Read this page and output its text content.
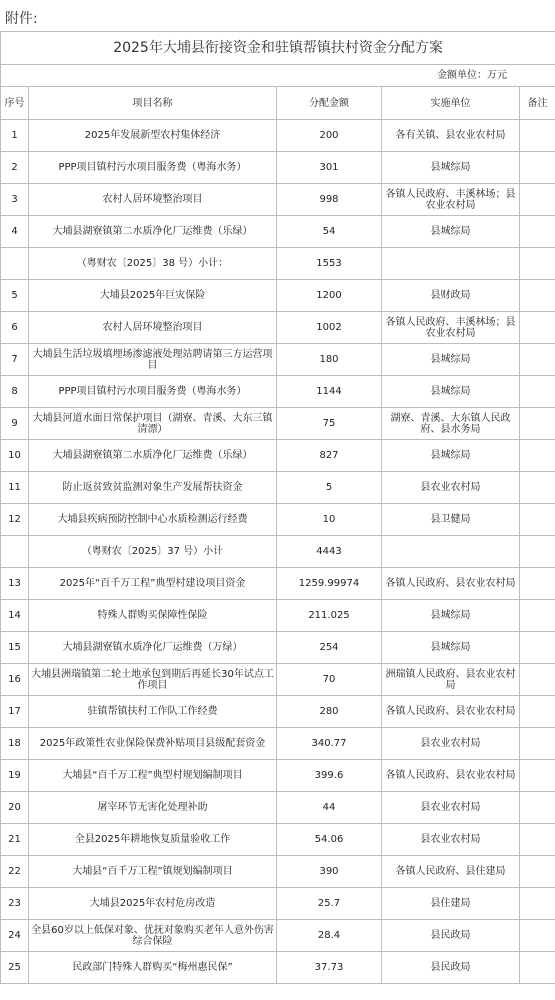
附件:
2025年大埔县衔接资金和驻镇帮镇扶村资金分配方案				
金额单位：万元				
序号	项目名称	分配金额	实施单位	备注
1	2025年发展新型农村集体经济	200	各有关镇、县农业农村局	
2	PPP项目镇村污水项目服务费（粤海水务）	301	县城综局	
3	农村人居环境整治项目	998	各镇人民政府、丰溪林场；县农业农村局	
4	大埔县湖寮镇第二水质净化厂运维费（乐绿）	54	县城综局	
	（粤财农〔2025〕38 号）小计：	1553		
5	大埔县2025年巨灾保险	1200	县财政局	
6	农村人居环境整治项目	1002	各镇人民政府、丰溪林场；县农业农村局	
7	大埔县生活垃圾填埋场渗滤液处理站聘请第三方运营项目	180	县城综局	
8	PPP项目镇村污水项目服务费（粤海水务）	1144	县城综局	
9	大埔县河道水面日常保护项目（湖寮、青溪、大东三镇清漂）	75	湖寮、青溪、大东镇人民政府、县水务局	
10	大埔县湖寮镇第二水质净化厂运维费（乐绿）	827	县城综局	
11	防止返贫致贫监测对象生产发展帮扶资金	5	县农业农村局	
12	大埔县疾病预防控制中心水质检测运行经费	10	县卫健局	
	（粤财农〔2025〕37 号）小计	4443		
13	2025年“百千万工程”典型村建设项目资金	1259.99974	各镇人民政府、县农业农村局	
14	特殊人群购买保障性保险	211.025	县城综局	
15	大埔县湖寮镇水质净化厂运维费（万绿）	254	县城综局	
16	大埔县洲瑞镇第二轮土地承包到期后再延长30年试点工作项目	70	洲瑞镇人民政府、县农业农村局	
17	驻镇帮镇扶村工作队工作经费	280	各镇人民政府、县农业农村局	
18	2025年政策性农业保险保费补贴项目县级配套资金	340.77	县农业农村局	
19	大埔县“百千万工程”典型村规划编制项目	399.6	各镇人民政府、县农业农村局	
20	屠宰环节无害化处理补助	44	县农业农村局	
21	全县2025年耕地恢复质量验收工作	54.06	县农业农村局	
22	大埔县“百千万工程”镇规划编制项目	390	各镇人民政府、县住建局	
23	大埔县2025年农村危房改造	25.7	县住建局	
24	全县60岁以上低保对象、优抚对象购买老年人意外伤害综合保险	28.4	县民政局	
25	民政部门特殊人群购买“梅州惠民保”	37.73	县民政局	
